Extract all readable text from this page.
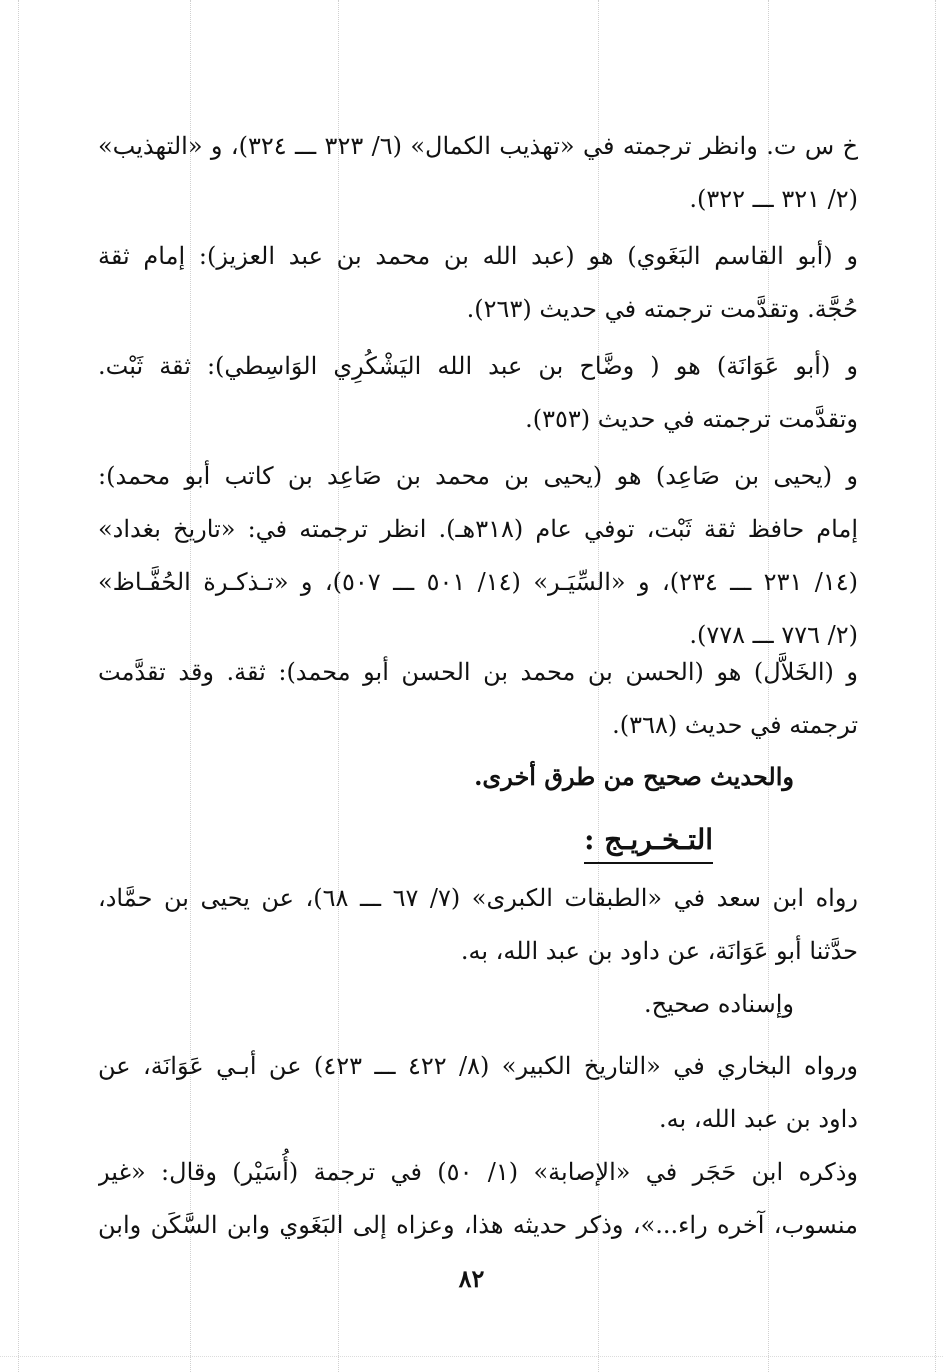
خ س ت. وانظر ترجمته في «تهذيب الكمال» (٦/ ٣٢٣ ـــ ٣٢٤)، و «التهذيب»
(٢/ ٣٢١ ـــ ٣٢٢).

و (أبو القاسم البَغَوي) هو (عبد الله بن محمد بن عبد العزيز): إمام ثقة
حُجَّة. وتقدَّمت ترجمته في حديث (٢٦٣).

و (أبو عَوَانَة) هو ( وضَّاح بن عبد الله اليَشْكُرِي الوَاسِطي): ثقة ثَبْت.
وتقدَّمت ترجمته في حديث (٣٥٣).

و (يحيى بن صَاعِد) هو (يحيى بن محمد بن صَاعِد بن كاتب أبو محمد):
إمام حافظ ثقة ثَبْت، توفي عام (٣١٨هـ). انظر ترجمته في: «تاريخ بغداد»
(١٤/ ٢٣١ ـــ ٢٣٤)، و «السِّيَـر» (١٤/ ٥٠١ ـــ ٥٠٧)، و «تـذكـرة الحُفَّـاظ»
(٢/ ٧٧٦ ـــ ٧٧٨).

و (الخَلاَّل) هو (الحسن بن محمد بن الحسن أبو محمد): ثقة. وقد تقدَّمت
ترجمته في حديث (٣٦٨).

والحديث صحيح من طرق أخرى.

التـخـريـج :

رواه ابن سعد في «الطبقات الكبرى» (٧/ ٦٧ ـــ ٦٨)، عن يحيى بن حمَّاد،
حدَّثنا أبو عَوَانَة، عن داود بن عبد الله، به.

وإسناده صحيح.

ورواه البخاري في «التاريخ الكبير» (٨/ ٤٢٢ ـــ ٤٢٣) عن أبـي عَوَانَة، عن
داود بن عبد الله، به.

وذكره ابن حَجَر في «الإصابة» (١/ ٥٠) في ترجمة (أُسَيْر) وقال: «غير
منسوب، آخره راء...»، وذكر حديثه هذا، وعزاه إلى البَغَوي وابن السَّكَن وابن

٨٢
